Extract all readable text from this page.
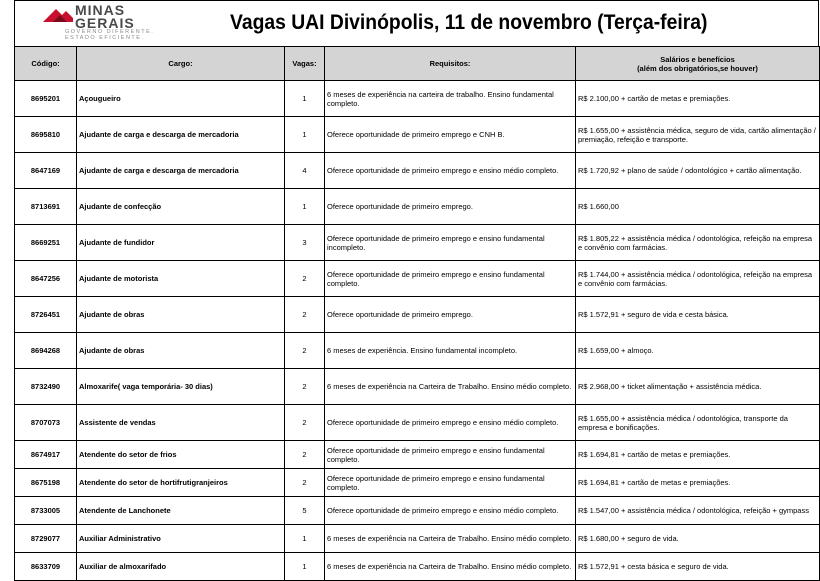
MINAS
GERAIS
GOVERNO DIFERENTE.
ESTADO EFICIENTE.
Vagas UAI Divinópolis, 11 de novembro (Terça-feira)
Código:	Cargo:	Vagas:	Requisitos:	Salários e benefícios
(além dos obrigatórios,se houver)

8695201	Açougueiro	1	6 meses de experiência na carteira de trabalho. Ensino fundamental completo.	R$ 2.100,00 + cartão de metas e premiações.
8695810	Ajudante de carga e descarga de mercadoria	1	Oferece oportunidade de primeiro emprego e CNH B.	R$ 1.655,00 + assistência médica, seguro de vida, cartão alimentação / premiação, refeição e transporte.
8647169	Ajudante de carga e descarga de mercadoria	4	Oferece oportunidade de primeiro emprego e ensino médio completo.	R$ 1.720,92 + plano de saúde / odontológico + cartão alimentação.
8713691	Ajudante de confecção	1	Oferece oportunidade de primeiro emprego.	R$ 1.660,00
8669251	Ajudante de fundidor	3	Oferece oportunidade de primeiro emprego e ensino fundamental incompleto.	R$ 1.805,22 + assistência médica / odontológica, refeição na empresa e convênio com farmácias.
8647256	Ajudante de motorista	2	Oferece oportunidade de primeiro emprego e ensino fundamental completo.	R$ 1.744,00 + assistência médica / odontológica, refeição na empresa e convênio com farmácias.
8726451	Ajudante de obras	2	Oferece oportunidade de primeiro emprego.	R$ 1.572,91 + seguro de vida e cesta básica.
8694268	Ajudante de obras	2	6 meses de experiência. Ensino fundamental incompleto.	R$ 1.659,00 + almoço.
8732490	Almoxarife( vaga temporária- 30 dias)	2	6 meses de experiência na Carteira de Trabalho. Ensino médio completo.	R$ 2.968,00 + ticket alimentação + assistência médica.
8707073	Assistente de vendas	2	Oferece oportunidade de primeiro emprego e ensino médio completo.	R$ 1.655,00 + assistência médica / odontológica, transporte da empresa e bonificações.
8674917	Atendente do setor de frios	2	Oferece oportunidade de primeiro emprego e ensino fundamental completo.	R$ 1.694,81 + cartão de metas e premiações.
8675198	Atendente do setor de hortifrutigranjeiros	2	Oferece oportunidade de primeiro emprego e ensino fundamental completo.	R$ 1.694,81 + cartão de metas e premiações.
8733005	Atendente de Lanchonete	5	Oferece oportunidade de primeiro emprego e ensino médio completo.	R$ 1.547,00 + assistência médica / odontológica, refeição + gympass
8729077	Auxiliar Administrativo	1	6 meses de experiência na Carteira de Trabalho. Ensino médio completo.	R$ 1.680,00 + seguro de vida.
8633709	Auxiliar de almoxarifado	1	6 meses de experiência na Carteira de Trabalho. Ensino médio completo.	R$ 1.572,91 + cesta básica e seguro de vida.
